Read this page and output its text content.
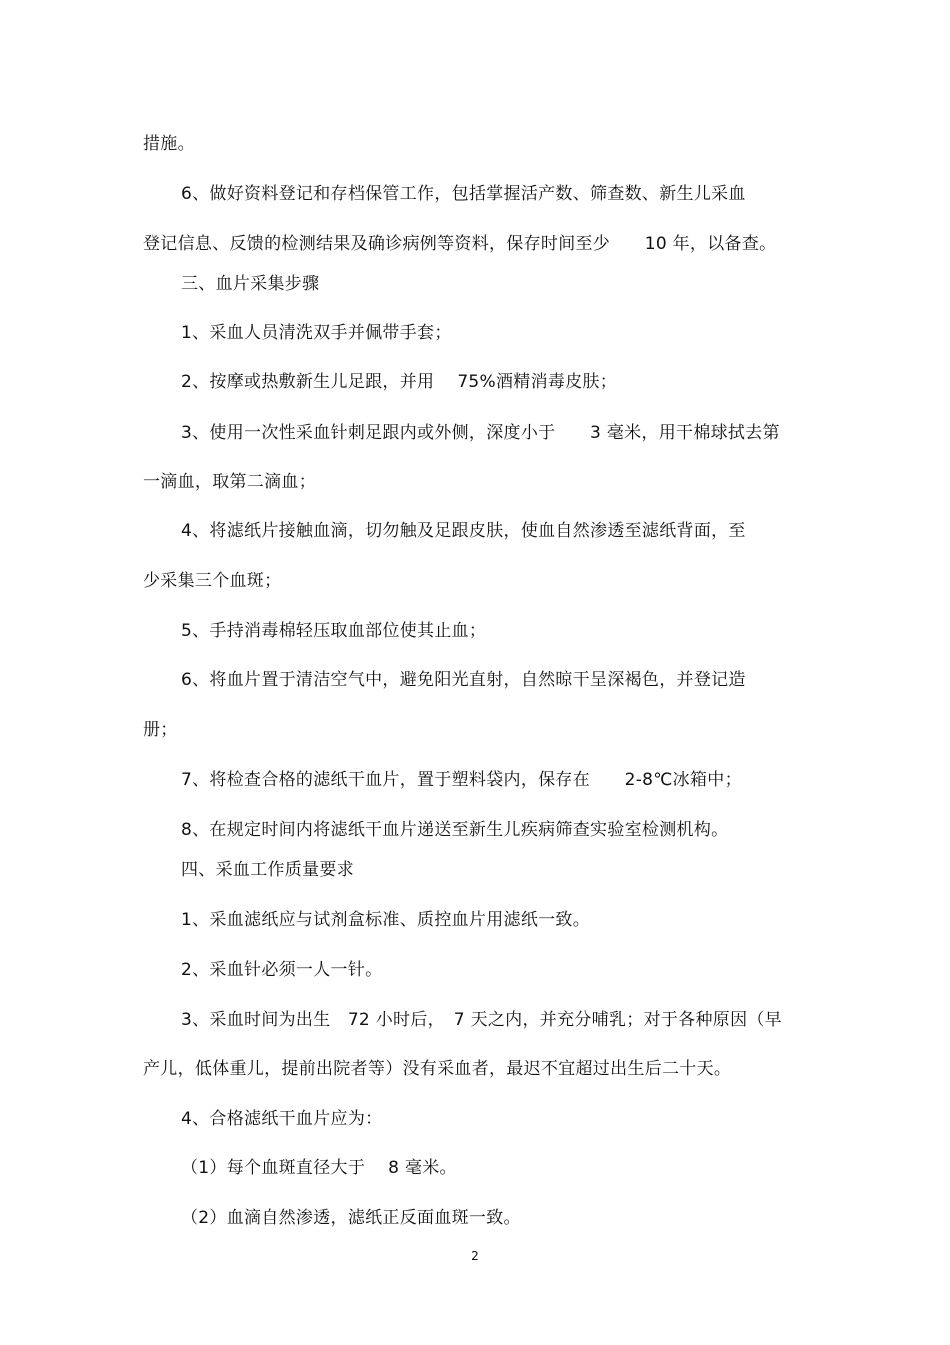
措施。
6、做好资料登记和存档保管工作，包括掌握活产数、筛查数、新生儿采血
登记信息、反馈的检测结果及确诊病例等资料，保存时间至少　　10 年，以备查。
三、血片采集步骤
1、采血人员清洗双手并佩带手套；
2、按摩或热敷新生儿足跟，并用　 75%酒精消毒皮肤；
3、使用一次性采血针刺足跟内或外侧，深度小于　　3 毫米，用干棉球拭去第
一滴血，取第二滴血；
4、将滤纸片接触血滴，切勿触及足跟皮肤，使血自然渗透至滤纸背面，至
少采集三个血斑；
5、手持消毒棉轻压取血部位使其止血；
6、将血片置于清洁空气中，避免阳光直射，自然晾干呈深褐色，并登记造
册；
7、将检查合格的滤纸干血片，置于塑料袋内，保存在　　2-8℃冰箱中；
8、在规定时间内将滤纸干血片递送至新生儿疾病筛查实验室检测机构。
四、采血工作质量要求
1、采血滤纸应与试剂盒标准、质控血片用滤纸一致。
2、采血针必须一人一针。
3、采血时间为出生　72 小时后，　7 天之内，并充分哺乳；对于各种原因（早
产儿，低体重儿，提前出院者等）没有采血者，最迟不宜超过出生后二十天。
4、合格滤纸干血片应为：
（1）每个血斑直径大于　 8 毫米。
（2）血滴自然渗透，滤纸正反面血斑一致。
2
